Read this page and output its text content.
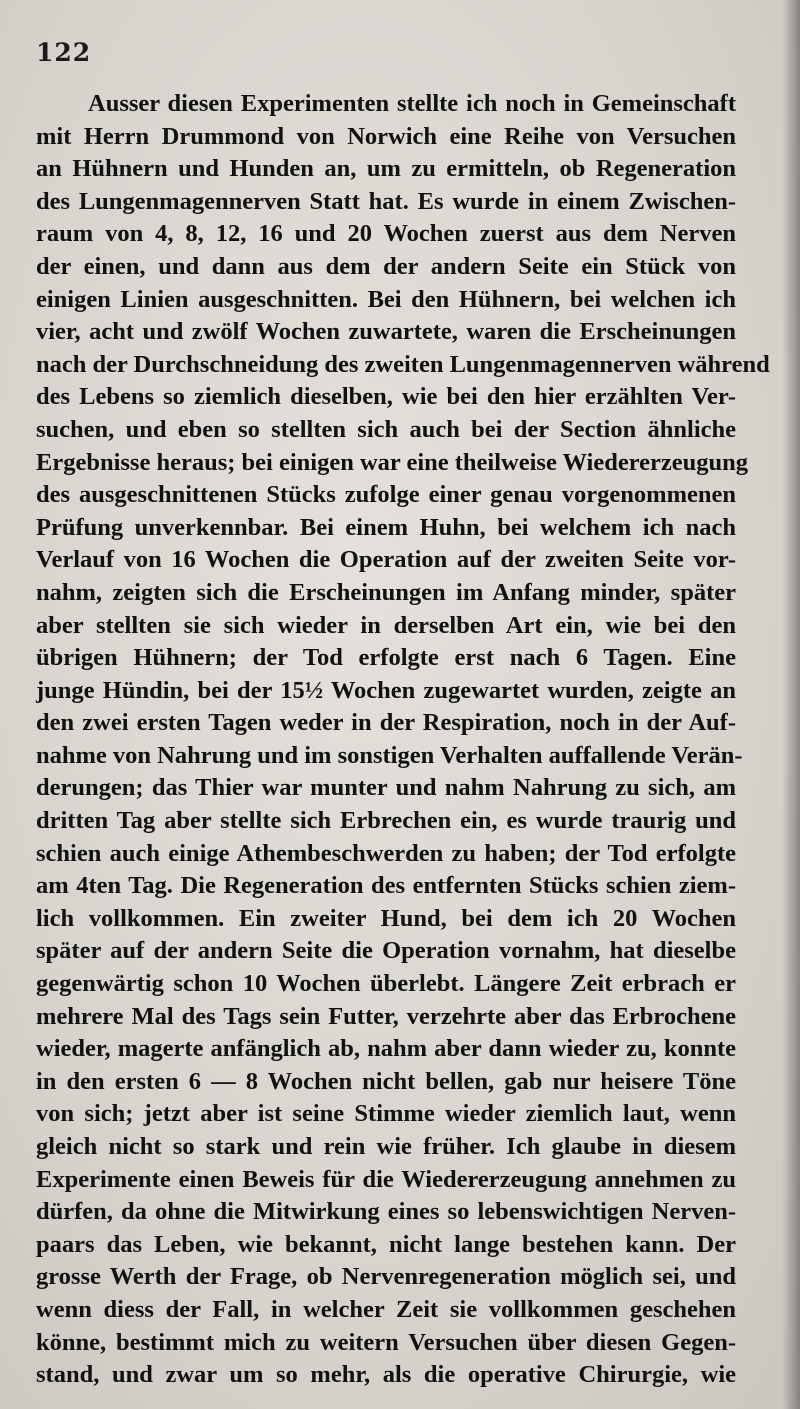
122
Ausser diesen Experimenten stellte ich noch in Gemeinschaft
mit Herrn Drummond von Norwich eine Reihe von Versuchen
an Hühnern und Hunden an, um zu ermitteln, ob Regeneration
des Lungenmagennerven Statt hat. Es wurde in einem Zwischen-
raum von 4, 8, 12, 16 und 20 Wochen zuerst aus dem Nerven
der einen, und dann aus dem der andern Seite ein Stück von
einigen Linien ausgeschnitten. Bei den Hühnern, bei welchen ich
vier, acht und zwölf Wochen zuwartete, waren die Erscheinungen
nach der Durchschneidung des zweiten Lungenmagennerven während
des Lebens so ziemlich dieselben, wie bei den hier erzählten Ver-
suchen, und eben so stellten sich auch bei der Section ähnliche
Ergebnisse heraus; bei einigen war eine theilweise Wiedererzeugung
des ausgeschnittenen Stücks zufolge einer genau vorgenommenen
Prüfung unverkennbar. Bei einem Huhn, bei welchem ich nach
Verlauf von 16 Wochen die Operation auf der zweiten Seite vor-
nahm, zeigten sich die Erscheinungen im Anfang minder, später
aber stellten sie sich wieder in derselben Art ein, wie bei den
übrigen Hühnern; der Tod erfolgte erst nach 6 Tagen. Eine
junge Hündin, bei der 15½ Wochen zugewartet wurden, zeigte an
den zwei ersten Tagen weder in der Respiration, noch in der Auf-
nahme von Nahrung und im sonstigen Verhalten auffallende Verän-
derungen; das Thier war munter und nahm Nahrung zu sich, am
dritten Tag aber stellte sich Erbrechen ein, es wurde traurig und
schien auch einige Athembeschwerden zu haben; der Tod erfolgte
am 4ten Tag. Die Regeneration des entfernten Stücks schien ziem-
lich vollkommen. Ein zweiter Hund, bei dem ich 20 Wochen
später auf der andern Seite die Operation vornahm, hat dieselbe
gegenwärtig schon 10 Wochen überlebt. Längere Zeit erbrach er
mehrere Mal des Tags sein Futter, verzehrte aber das Erbrochene
wieder, magerte anfänglich ab, nahm aber dann wieder zu, konnte
in den ersten 6 — 8 Wochen nicht bellen, gab nur heisere Töne
von sich; jetzt aber ist seine Stimme wieder ziemlich laut, wenn
gleich nicht so stark und rein wie früher. Ich glaube in diesem
Experimente einen Beweis für die Wiedererzeugung annehmen zu
dürfen, da ohne die Mitwirkung eines so lebenswichtigen Nerven-
paars das Leben, wie bekannt, nicht lange bestehen kann. Der
grosse Werth der Frage, ob Nervenregeneration möglich sei, und
wenn diess der Fall, in welcher Zeit sie vollkommen geschehen
könne, bestimmt mich zu weitern Versuchen über diesen Gegen-
stand, und zwar um so mehr, als die operative Chirurgie, wie
